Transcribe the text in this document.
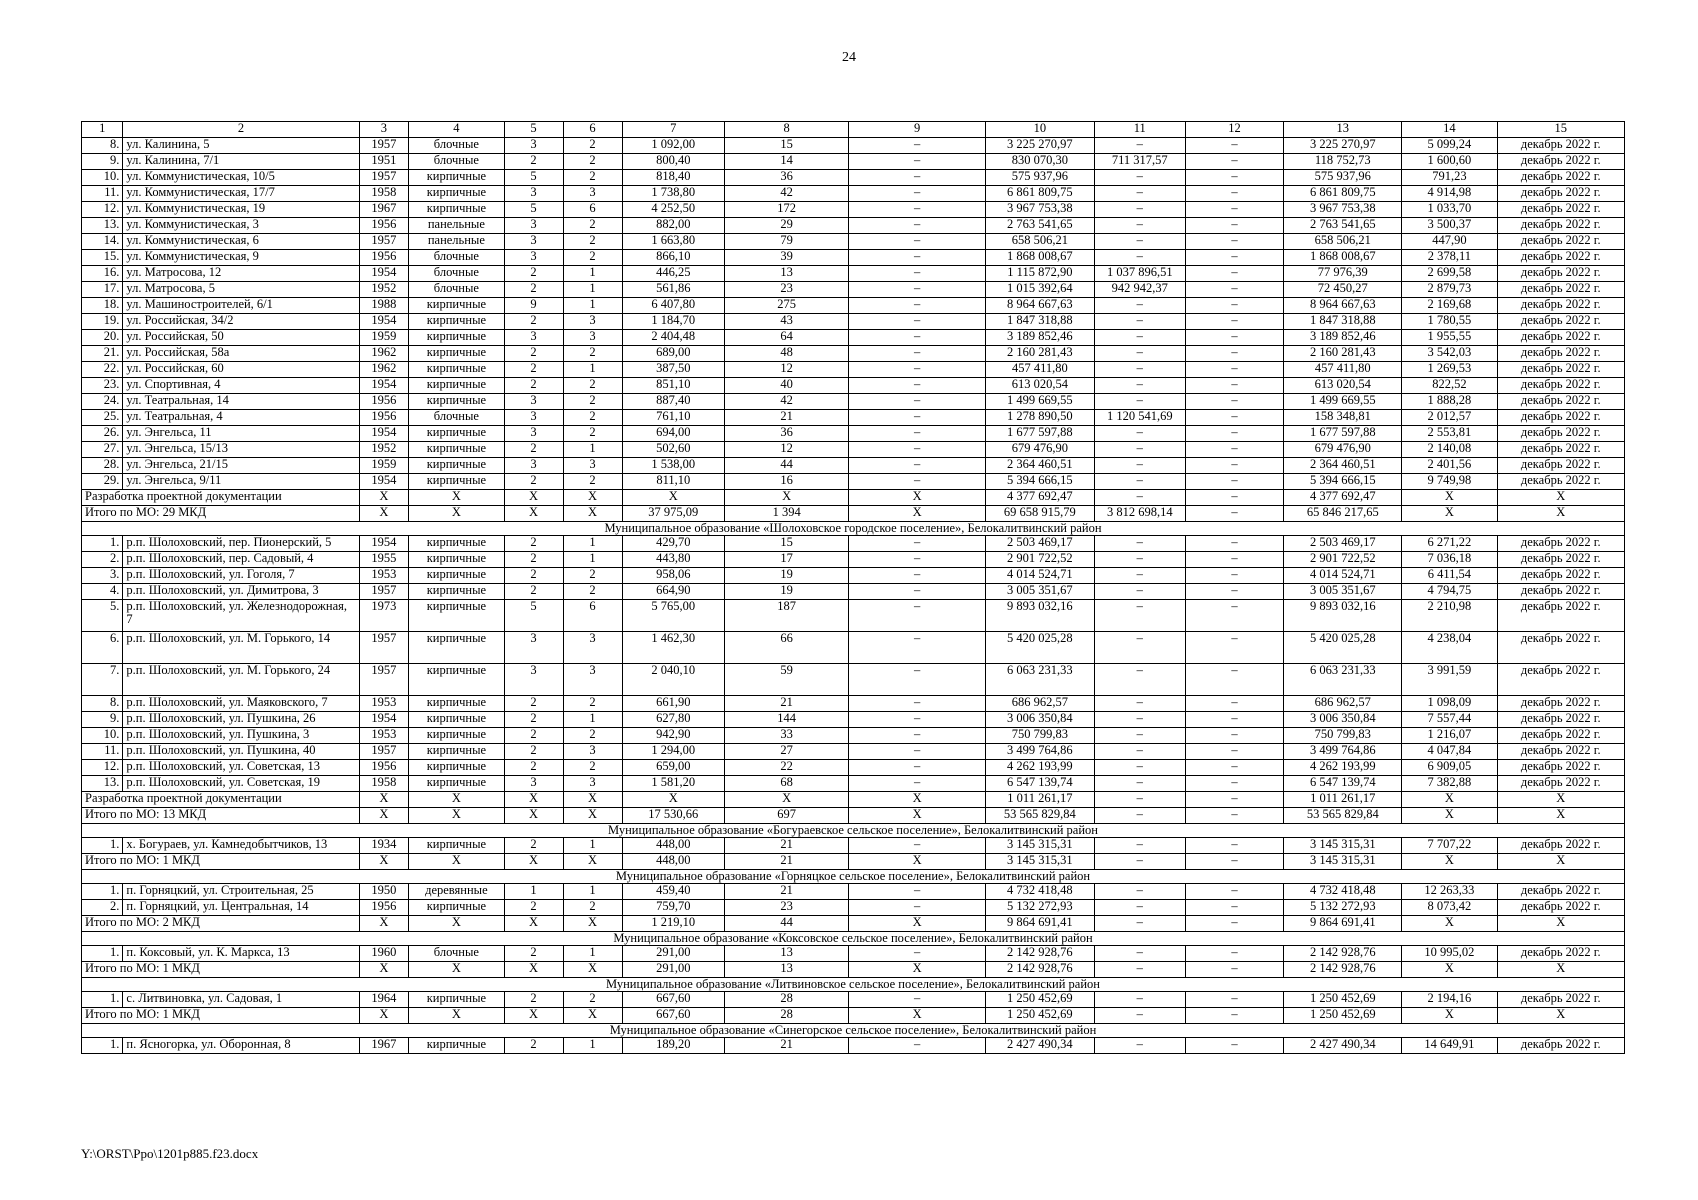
24
1	2	3	4	5	6	7	8	9	10	11	12	13	14	15
8.	ул. Калинина, 5	1957	блочные	3	2	1 092,00	15	–	3 225 270,97	–	–	3 225 270,97	5 099,24	декабрь 2022 г.
9.	ул. Калинина, 7/1	1951	блочные	2	2	800,40	14	–	830 070,30	711 317,57	–	118 752,73	1 600,60	декабрь 2022 г.
10.	ул. Коммунистическая, 10/5	1957	кирпичные	5	2	818,40	36	–	575 937,96	–	–	575 937,96	791,23	декабрь 2022 г.
11.	ул. Коммунистическая, 17/7	1958	кирпичные	3	3	1 738,80	42	–	6 861 809,75	–	–	6 861 809,75	4 914,98	декабрь 2022 г.
12.	ул. Коммунистическая, 19	1967	кирпичные	5	6	4 252,50	172	–	3 967 753,38	–	–	3 967 753,38	1 033,70	декабрь 2022 г.
13.	ул. Коммунистическая, 3	1956	панельные	3	2	882,00	29	–	2 763 541,65	–	–	2 763 541,65	3 500,37	декабрь 2022 г.
14.	ул. Коммунистическая, 6	1957	панельные	3	2	1 663,80	79	–	658 506,21	–	–	658 506,21	447,90	декабрь 2022 г.
15.	ул. Коммунистическая, 9	1956	блочные	3	2	866,10	39	–	1 868 008,67	–	–	1 868 008,67	2 378,11	декабрь 2022 г.
16.	ул. Матросова, 12	1954	блочные	2	1	446,25	13	–	1 115 872,90	1 037 896,51	–	77 976,39	2 699,58	декабрь 2022 г.
17.	ул. Матросова, 5	1952	блочные	2	1	561,86	23	–	1 015 392,64	942 942,37	–	72 450,27	2 879,73	декабрь 2022 г.
18.	ул. Машиностроителей, 6/1	1988	кирпичные	9	1	6 407,80	275	–	8 964 667,63	–	–	8 964 667,63	2 169,68	декабрь 2022 г.
19.	ул. Российская, 34/2	1954	кирпичные	2	3	1 184,70	43	–	1 847 318,88	–	–	1 847 318,88	1 780,55	декабрь 2022 г.
20.	ул. Российская, 50	1959	кирпичные	3	3	2 404,48	64	–	3 189 852,46	–	–	3 189 852,46	1 955,55	декабрь 2022 г.
21.	ул. Российская, 58а	1962	кирпичные	2	2	689,00	48	–	2 160 281,43	–	–	2 160 281,43	3 542,03	декабрь 2022 г.
22.	ул. Российская, 60	1962	кирпичные	2	1	387,50	12	–	457 411,80	–	–	457 411,80	1 269,53	декабрь 2022 г.
23.	ул. Спортивная, 4	1954	кирпичные	2	2	851,10	40	–	613 020,54	–	–	613 020,54	822,52	декабрь 2022 г.
24.	ул. Театральная, 14	1956	кирпичные	3	2	887,40	42	–	1 499 669,55	–	–	1 499 669,55	1 888,28	декабрь 2022 г.
25.	ул. Театральная, 4	1956	блочные	3	2	761,10	21	–	1 278 890,50	1 120 541,69	–	158 348,81	2 012,57	декабрь 2022 г.
26.	ул. Энгельса, 11	1954	кирпичные	3	2	694,00	36	–	1 677 597,88	–	–	1 677 597,88	2 553,81	декабрь 2022 г.
27.	ул. Энгельса, 15/13	1952	кирпичные	2	1	502,60	12	–	679 476,90	–	–	679 476,90	2 140,08	декабрь 2022 г.
28.	ул. Энгельса, 21/15	1959	кирпичные	3	3	1 538,00	44	–	2 364 460,51	–	–	2 364 460,51	2 401,56	декабрь 2022 г.
29.	ул. Энгельса, 9/11	1954	кирпичные	2	2	811,10	16	–	5 394 666,15	–	–	5 394 666,15	9 749,98	декабрь 2022 г.
Разработка проектной документации		Х	Х	Х	Х	Х	Х	Х	4 377 692,47	–	–	4 377 692,47	Х	Х
Итого по МО: 29 МКД		Х	Х	Х	Х	37 975,09	1 394	Х	69 658 915,79	3 812 698,14	–	65 846 217,65	Х	Х
Муниципальное образование «Шолоховское городское поселение», Белокалитвинский район														
1.	р.п. Шолоховский, пер. Пионерский, 5	1954	кирпичные	2	1	429,70	15	–	2 503 469,17	–	–	2 503 469,17	6 271,22	декабрь 2022 г.
2.	р.п. Шолоховский, пер. Садовый, 4	1955	кирпичные	2	1	443,80	17	–	2 901 722,52	–	–	2 901 722,52	7 036,18	декабрь 2022 г.
3.	р.п. Шолоховский, ул. Гоголя, 7	1953	кирпичные	2	2	958,06	19	–	4 014 524,71	–	–	4 014 524,71	6 411,54	декабрь 2022 г.
4.	р.п. Шолоховский, ул. Димитрова, 3	1957	кирпичные	2	2	664,90	19	–	3 005 351,67	–	–	3 005 351,67	4 794,75	декабрь 2022 г.
5.	р.п. Шолоховский, ул. Железнодорожная, 7	1973	кирпичные	5	6	5 765,00	187	–	9 893 032,16	–	–	9 893 032,16	2 210,98	декабрь 2022 г.
6.	р.п. Шолоховский, ул. М. Горького, 14	1957	кирпичные	3	3	1 462,30	66	–	5 420 025,28	–	–	5 420 025,28	4 238,04	декабрь 2022 г.
7.	р.п. Шолоховский, ул. М. Горького, 24	1957	кирпичные	3	3	2 040,10	59	–	6 063 231,33	–	–	6 063 231,33	3 991,59	декабрь 2022 г.
8.	р.п. Шолоховский, ул. Маяковского, 7	1953	кирпичные	2	2	661,90	21	–	686 962,57	–	–	686 962,57	1 098,09	декабрь 2022 г.
9.	р.п. Шолоховский, ул. Пушкина, 26	1954	кирпичные	2	1	627,80	144	–	3 006 350,84	–	–	3 006 350,84	7 557,44	декабрь 2022 г.
10.	р.п. Шолоховский, ул. Пушкина, 3	1953	кирпичные	2	2	942,90	33	–	750 799,83	–	–	750 799,83	1 216,07	декабрь 2022 г.
11.	р.п. Шолоховский, ул. Пушкина, 40	1957	кирпичные	2	3	1 294,00	27	–	3 499 764,86	–	–	3 499 764,86	4 047,84	декабрь 2022 г.
12.	р.п. Шолоховский, ул. Советская, 13	1956	кирпичные	2	2	659,00	22	–	4 262 193,99	–	–	4 262 193,99	6 909,05	декабрь 2022 г.
13.	р.п. Шолоховский, ул. Советская, 19	1958	кирпичные	3	3	1 581,20	68	–	6 547 139,74	–	–	6 547 139,74	7 382,88	декабрь 2022 г.
Разработка проектной документации		Х	Х	Х	Х	Х	Х	Х	1 011 261,17	–	–	1 011 261,17	Х	Х
Итого по МО: 13 МКД		Х	Х	Х	Х	17 530,66	697	Х	53 565 829,84	–	–	53 565 829,84	Х	Х
Муниципальное образование «Богураевское сельское поселение», Белокалитвинский район														
1.	х. Богураев, ул. Камнедобытчиков, 13	1934	кирпичные	2	1	448,00	21	–	3 145 315,31	–	–	3 145 315,31	7 707,22	декабрь 2022 г.
Итого по МО: 1 МКД		Х	Х	Х	Х	448,00	21	Х	3 145 315,31	–	–	3 145 315,31	Х	Х
Муниципальное образование «Горняцкое сельское поселение», Белокалитвинский район														
1.	п. Горняцкий, ул. Строительная, 25	1950	деревянные	1	1	459,40	21	–	4 732 418,48	–	–	4 732 418,48	12 263,33	декабрь 2022 г.
2.	п. Горняцкий, ул. Центральная, 14	1956	кирпичные	2	2	759,70	23	–	5 132 272,93	–	–	5 132 272,93	8 073,42	декабрь 2022 г.
Итого по МО: 2 МКД		Х	Х	Х	Х	1 219,10	44	Х	9 864 691,41	–	–	9 864 691,41	Х	Х
Муниципальное образование «Коксовское сельское поселение», Белокалитвинский район														
1.	п. Коксовый, ул. К. Маркса, 13	1960	блочные	2	1	291,00	13	–	2 142 928,76	–	–	2 142 928,76	10 995,02	декабрь 2022 г.
Итого по МО: 1 МКД		Х	Х	Х	Х	291,00	13	Х	2 142 928,76	–	–	2 142 928,76	Х	Х
Муниципальное образование «Литвиновское сельское поселение», Белокалитвинский район														
1.	с. Литвиновка, ул. Садовая, 1	1964	кирпичные	2	2	667,60	28	–	1 250 452,69	–	–	1 250 452,69	2 194,16	декабрь 2022 г.
Итого по МО: 1 МКД		Х	Х	Х	Х	667,60	28	Х	1 250 452,69	–	–	1 250 452,69	Х	Х
Муниципальное образование «Синегорское сельское поселение», Белокалитвинский район														
1.	п. Ясногорка, ул. Оборонная, 8	1967	кирпичные	2	1	189,20	21	–	2 427 490,34	–	–	2 427 490,34	14 649,91	декабрь 2022 г.
Y:\ORST\Ppo\1201p885.f23.docx
